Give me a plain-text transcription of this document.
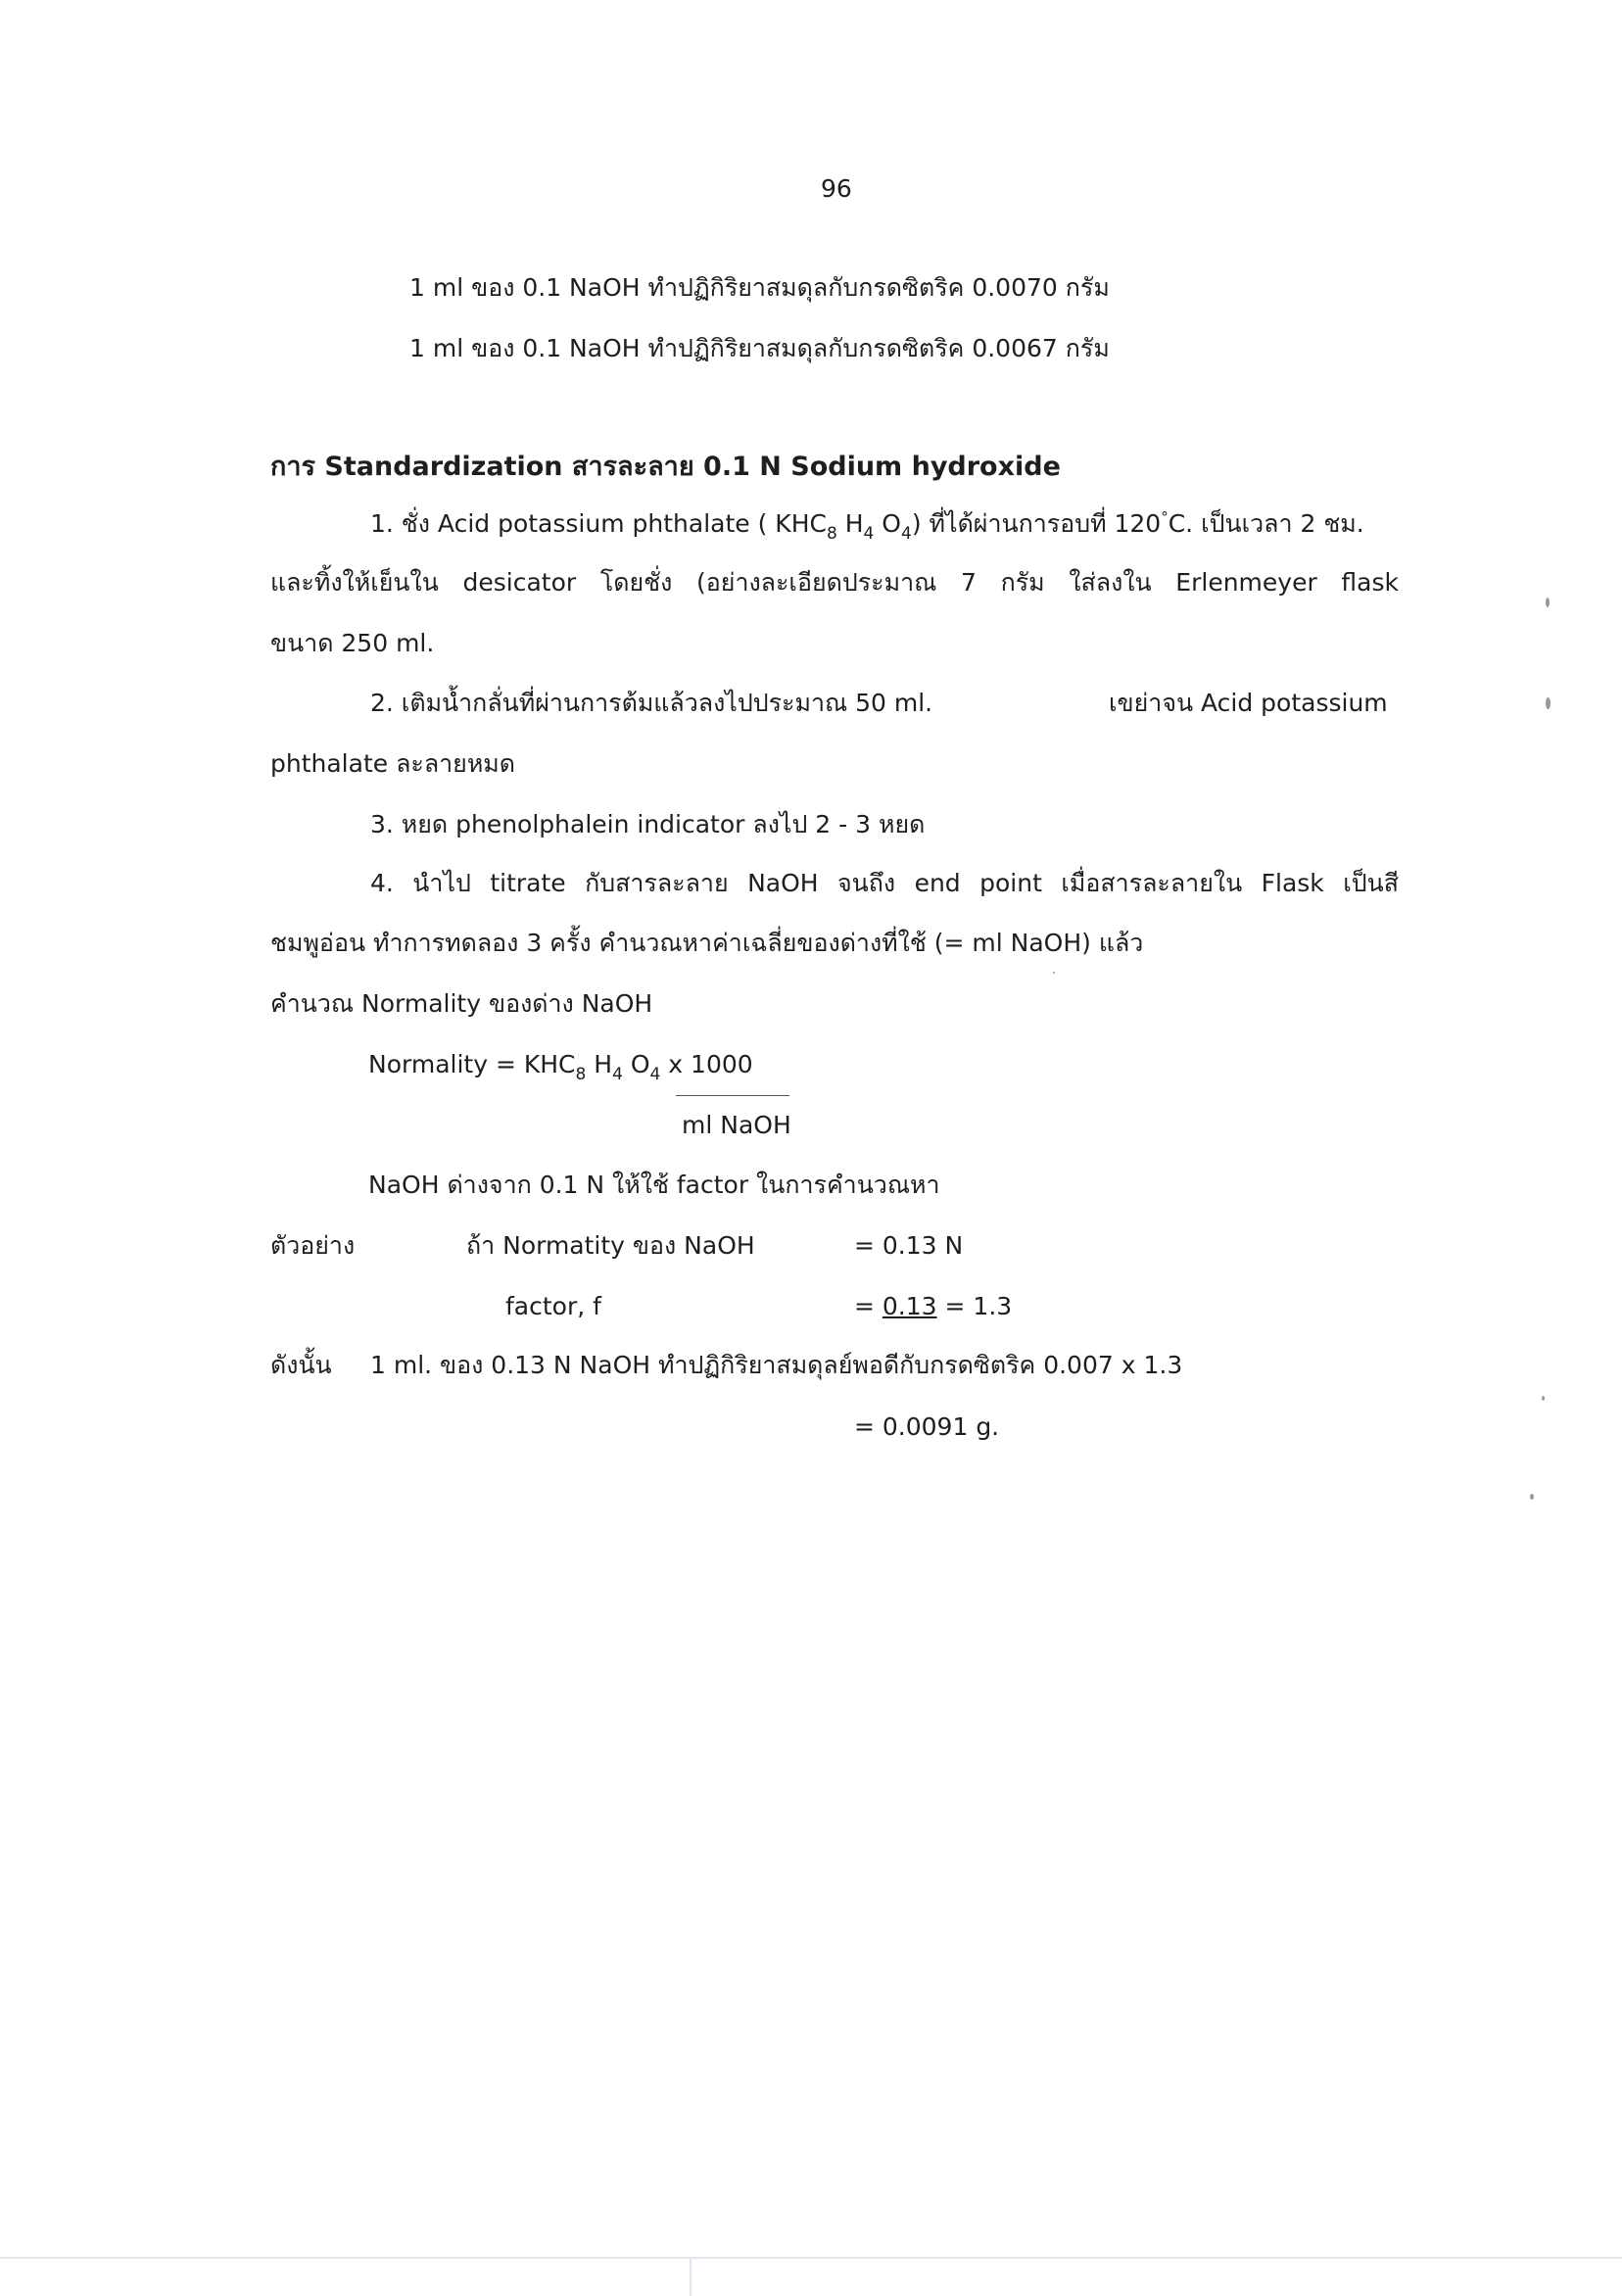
96
1 ml ของ 0.1 NaOH ทำปฏิกิริยาสมดุลกับกรดซิตริค 0.0070 กรัม
1 ml ของ 0.1 NaOH ทำปฏิกิริยาสมดุลกับกรดซิตริค 0.0067 กรัม
การ Standardization สารละลาย 0.1 N Sodium hydroxide
1. ชั่ง Acid potassium phthalate ( $KHC_8$ $H_4$ $O_4$) ที่ได้ผ่านการอบที่ 120°C. เป็นเวลา 2 ชม.
และทิ้งให้เย็นใน desicator โดยชั่ง (อย่างละเอียดประมาณ 7 กรัม ใส่ลงใน Erlenmeyer flask
ขนาด 250 ml.
2. เติมน้ำกลั่นที่ผ่านการต้มแล้วลงไปประมาณ 50 ml.	เขย่าจน Acid potassium
phthalate ละลายหมด
3. หยด phenolphalein indicator ลงไป 2 - 3 หยด
4. นำไป titrate กับสารละลาย NaOH จนถึง end point เมื่อสารละลายใน Flask เป็นสี
ชมพูอ่อน ทำการทดลอง 3 ครั้ง คำนวณหาค่าเฉลี่ยของด่างที่ใช้ (= ml NaOH) แล้ว
คำนวณ Normality ของด่าง NaOH
Normality = $KHC_8$ $H_4$ $O_4$ x 1000
ml NaOH
NaOH ด่างจาก 0.1 N ให้ใช้ factor ในการคำนวณหา
ตัวอย่าง	ถ้า Normatity ของ NaOH	= 0.13 N
factor, f	= 0.13 = 1.3
ดังนั้น 1 ml. ของ 0.13 N NaOH ทำปฏิกิริยาสมดุลย์พอดีกับกรดซิตริค 0.007 x 1.3
= 0.0091 g.
